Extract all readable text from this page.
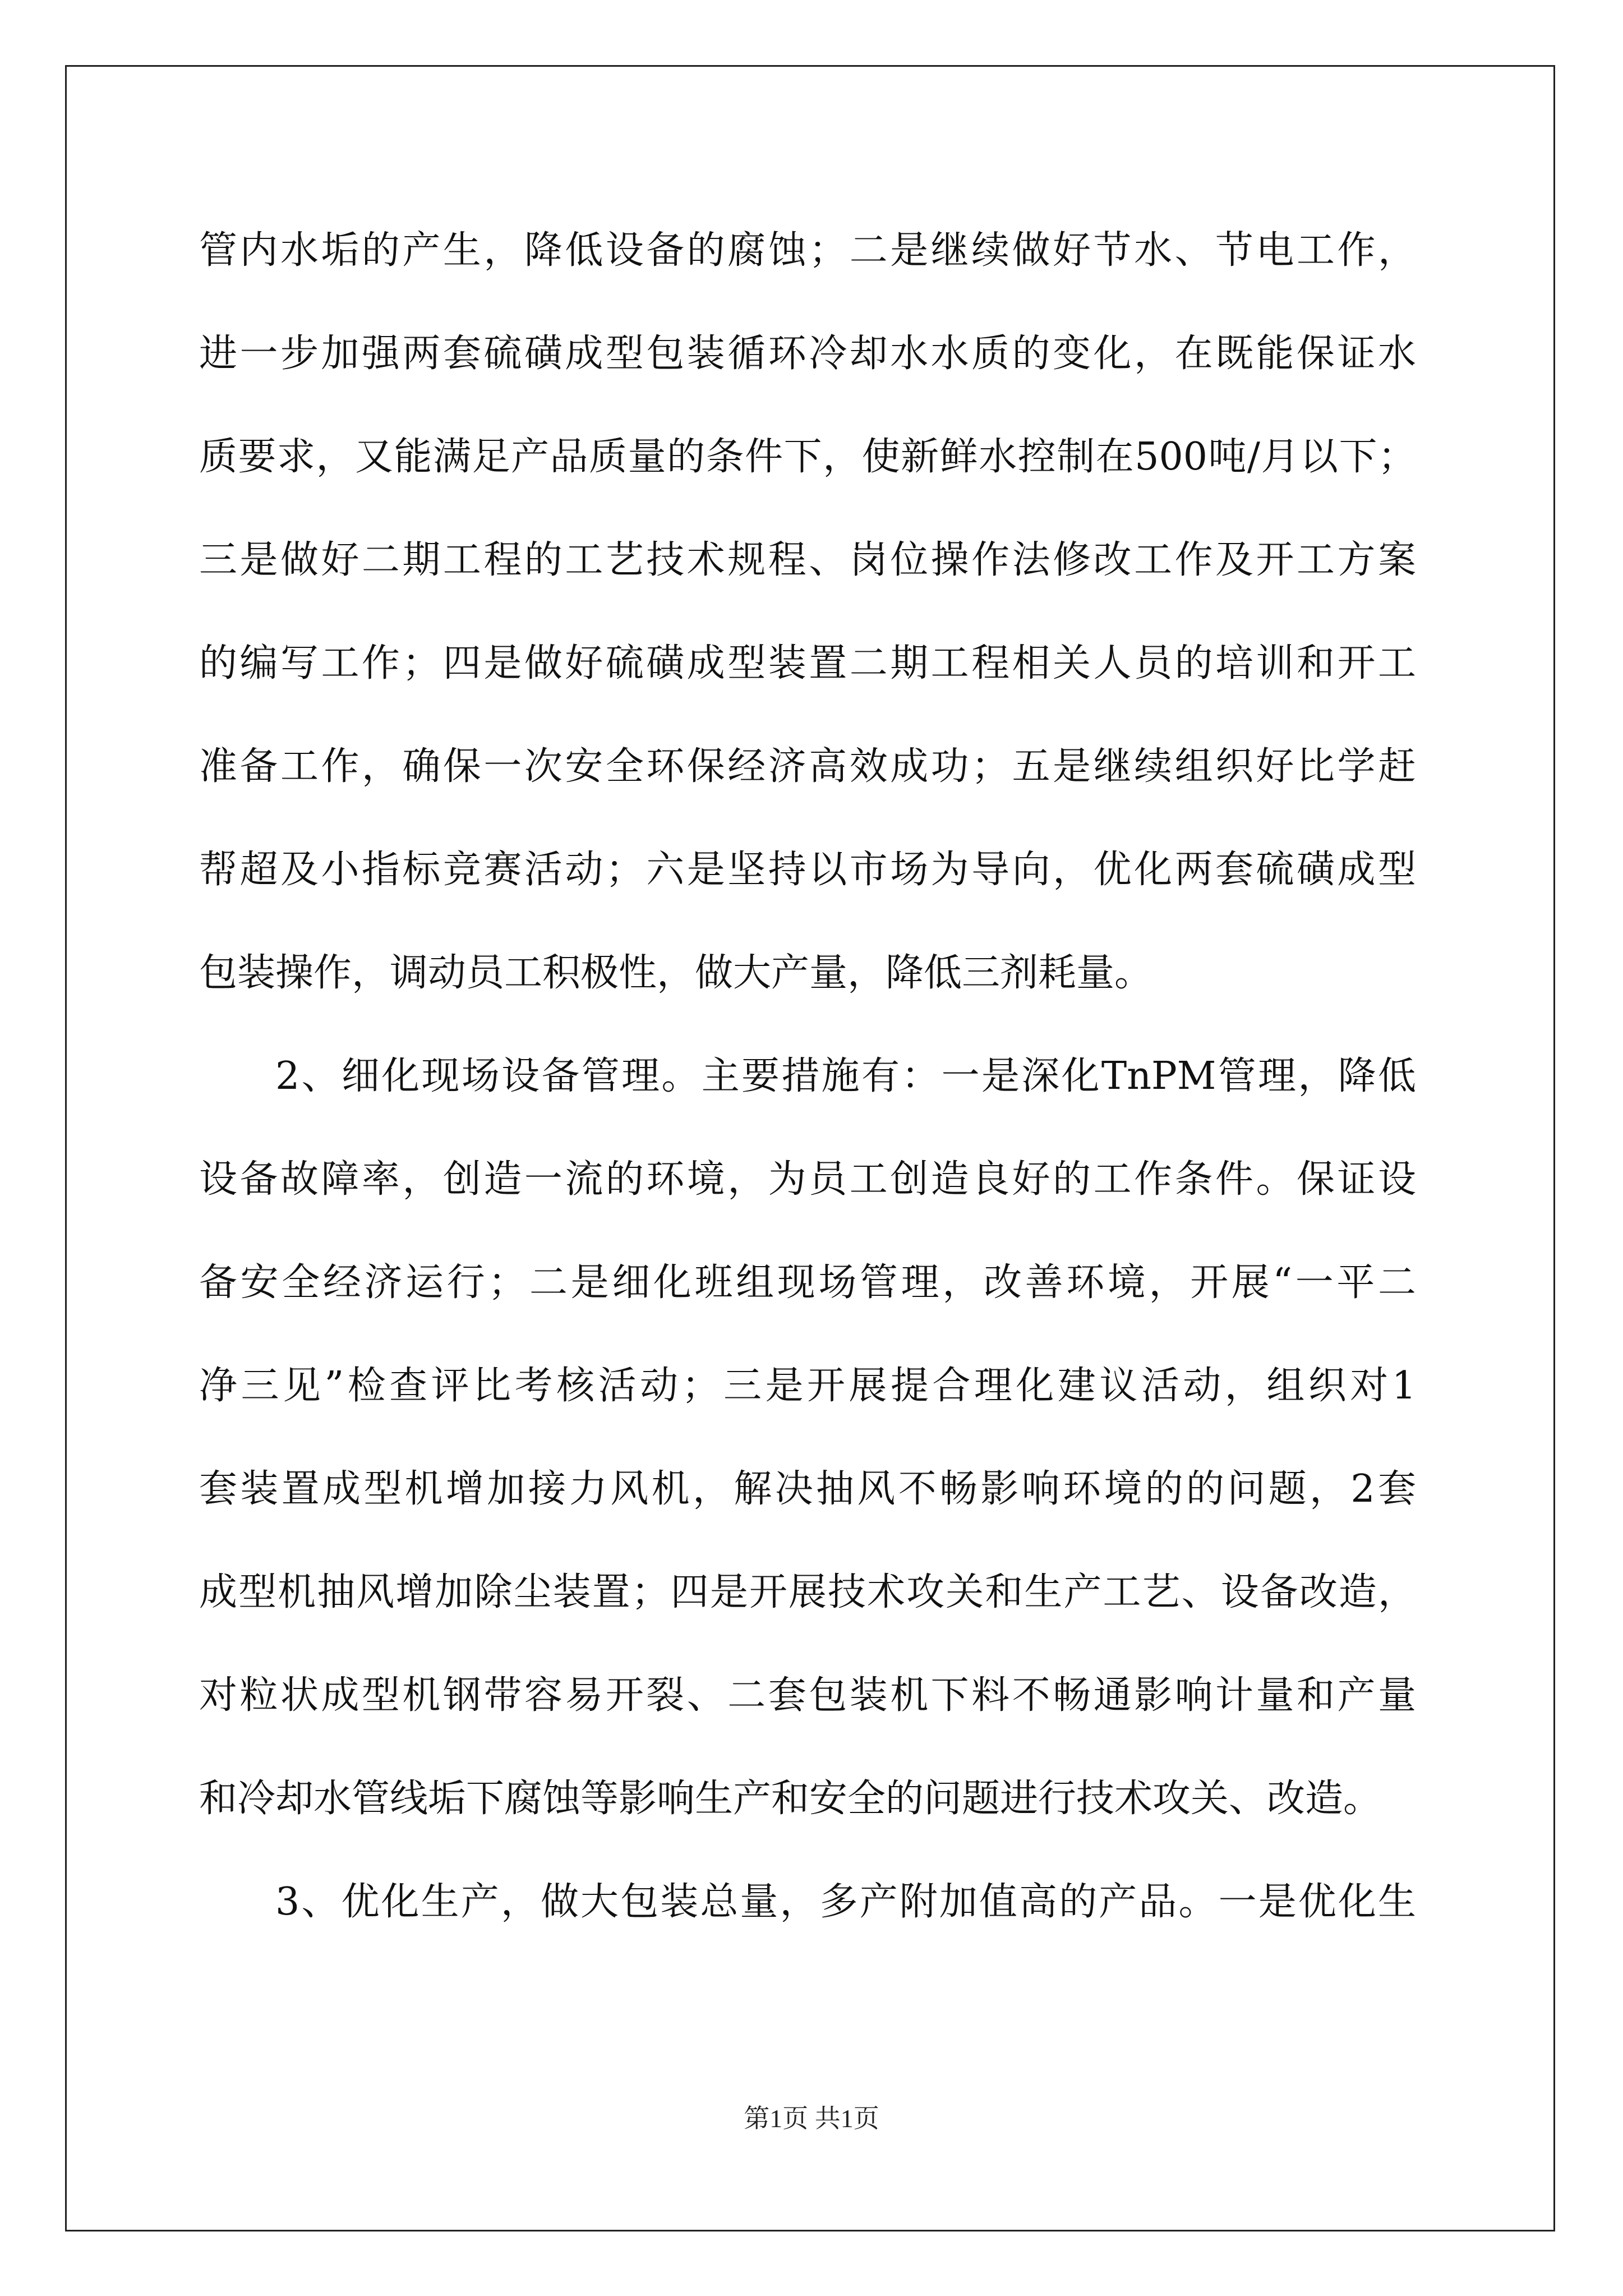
管内水垢的产生，降低设备的腐蚀；二是继续做好节水、节电工作，
进一步加强两套硫磺成型包装循环冷却水水质的变化，在既能保证水
质要求，又能满足产品质量的条件下，使新鲜水控制在500吨/月以下；
三是做好二期工程的工艺技术规程、岗位操作法修改工作及开工方案
的编写工作；四是做好硫磺成型装置二期工程相关人员的培训和开工
准备工作，确保一次安全环保经济高效成功；五是继续组织好比学赶
帮超及小指标竞赛活动；六是坚持以市场为导向，优化两套硫磺成型
包装操作，调动员工积极性，做大产量，降低三剂耗量。
2、细化现场设备管理。主要措施有：一是深化TnPM管理，降低
设备故障率，创造一流的环境，为员工创造良好的工作条件。保证设
备安全经济运行；二是细化班组现场管理，改善环境，开展“一平二
净三见”检查评比考核活动；三是开展提合理化建议活动，组织对1
套装置成型机增加接力风机，解决抽风不畅影响环境的的问题，2套
成型机抽风增加除尘装置；四是开展技术攻关和生产工艺、设备改造，
对粒状成型机钢带容易开裂、二套包装机下料不畅通影响计量和产量
和冷却水管线垢下腐蚀等影响生产和安全的问题进行技术攻关、改造。
3、优化生产，做大包装总量，多产附加值高的产品。一是优化生
第1页 共1页
